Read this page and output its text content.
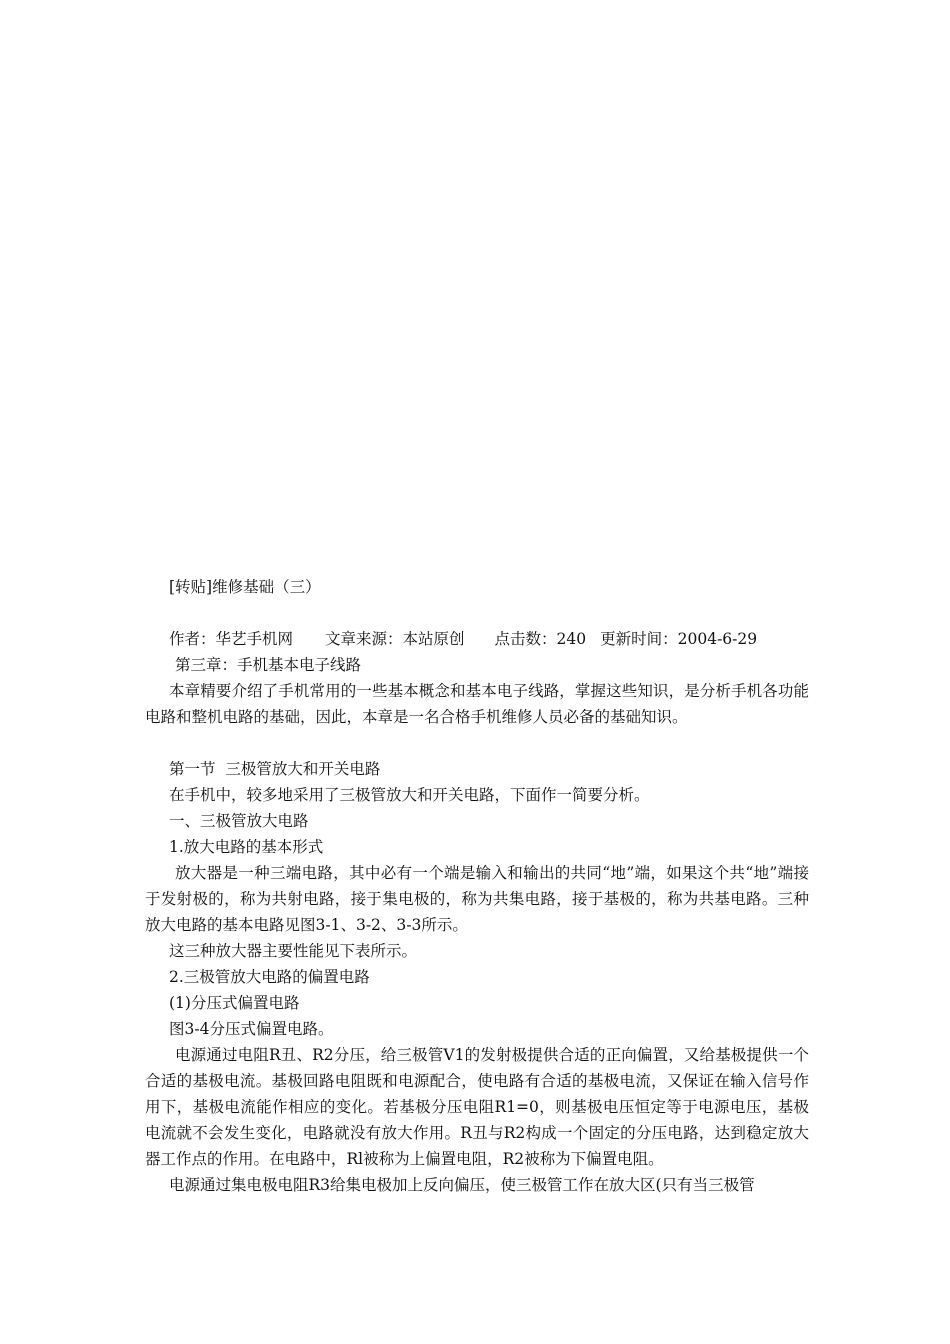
[转贴]维修基础（三）
作者：华艺手机网 文章来源：本站原创 点击数：240 更新时间：2004-6-29
第三章：手机基本电子线路

本章精要介绍了手机常用的一些基本概念和基本电子线路，掌握这些知识，是分析手机各功能电路和整机电路的基础，因此，本章是一名合格手机维修人员必备的基础知识。

第一节  三极管放大和开关电路
在手机中，较多地采用了三极管放大和开关电路，下面作一简要分析。
一、三极管放大电路
1.放大电路的基本形式

放大器是一种三端电路，其中必有一个端是输入和输出的共同“地”端，如果这个共“地”端接于发射极的，称为共射电路，接于集电极的，称为共集电路，接于基极的，称为共基电路。三种放大电路的基本电路见图3-1、3-2、3-3所示。

这三种放大器主要性能见下表所示。
2.三极管放大电路的偏置电路
(1)分压式偏置电路
图3-4分压式偏置电路。

电源通过电阻R丑、R2分压，给三极管V1的发射极提供合适的正向偏置，又给基极提供一个合适的基极电流。基极回路电阻既和电源配合，使电路有合适的基极电流，又保证在输入信号作用下，基极电流能作相应的变化。若基极分压电阻R1=0，则基极电压恒定等于电源电压，基极电流就不会发生变化，电路就没有放大作用。R丑与R2构成一个固定的分压电路，达到稳定放大器工作点的作用。在电路中，Rl被称为上偏置电阻，R2被称为下偏置电阻。

电源通过集电极电阻R3给集电极加上反向偏压，使三极管工作在放大区(只有当三极管
